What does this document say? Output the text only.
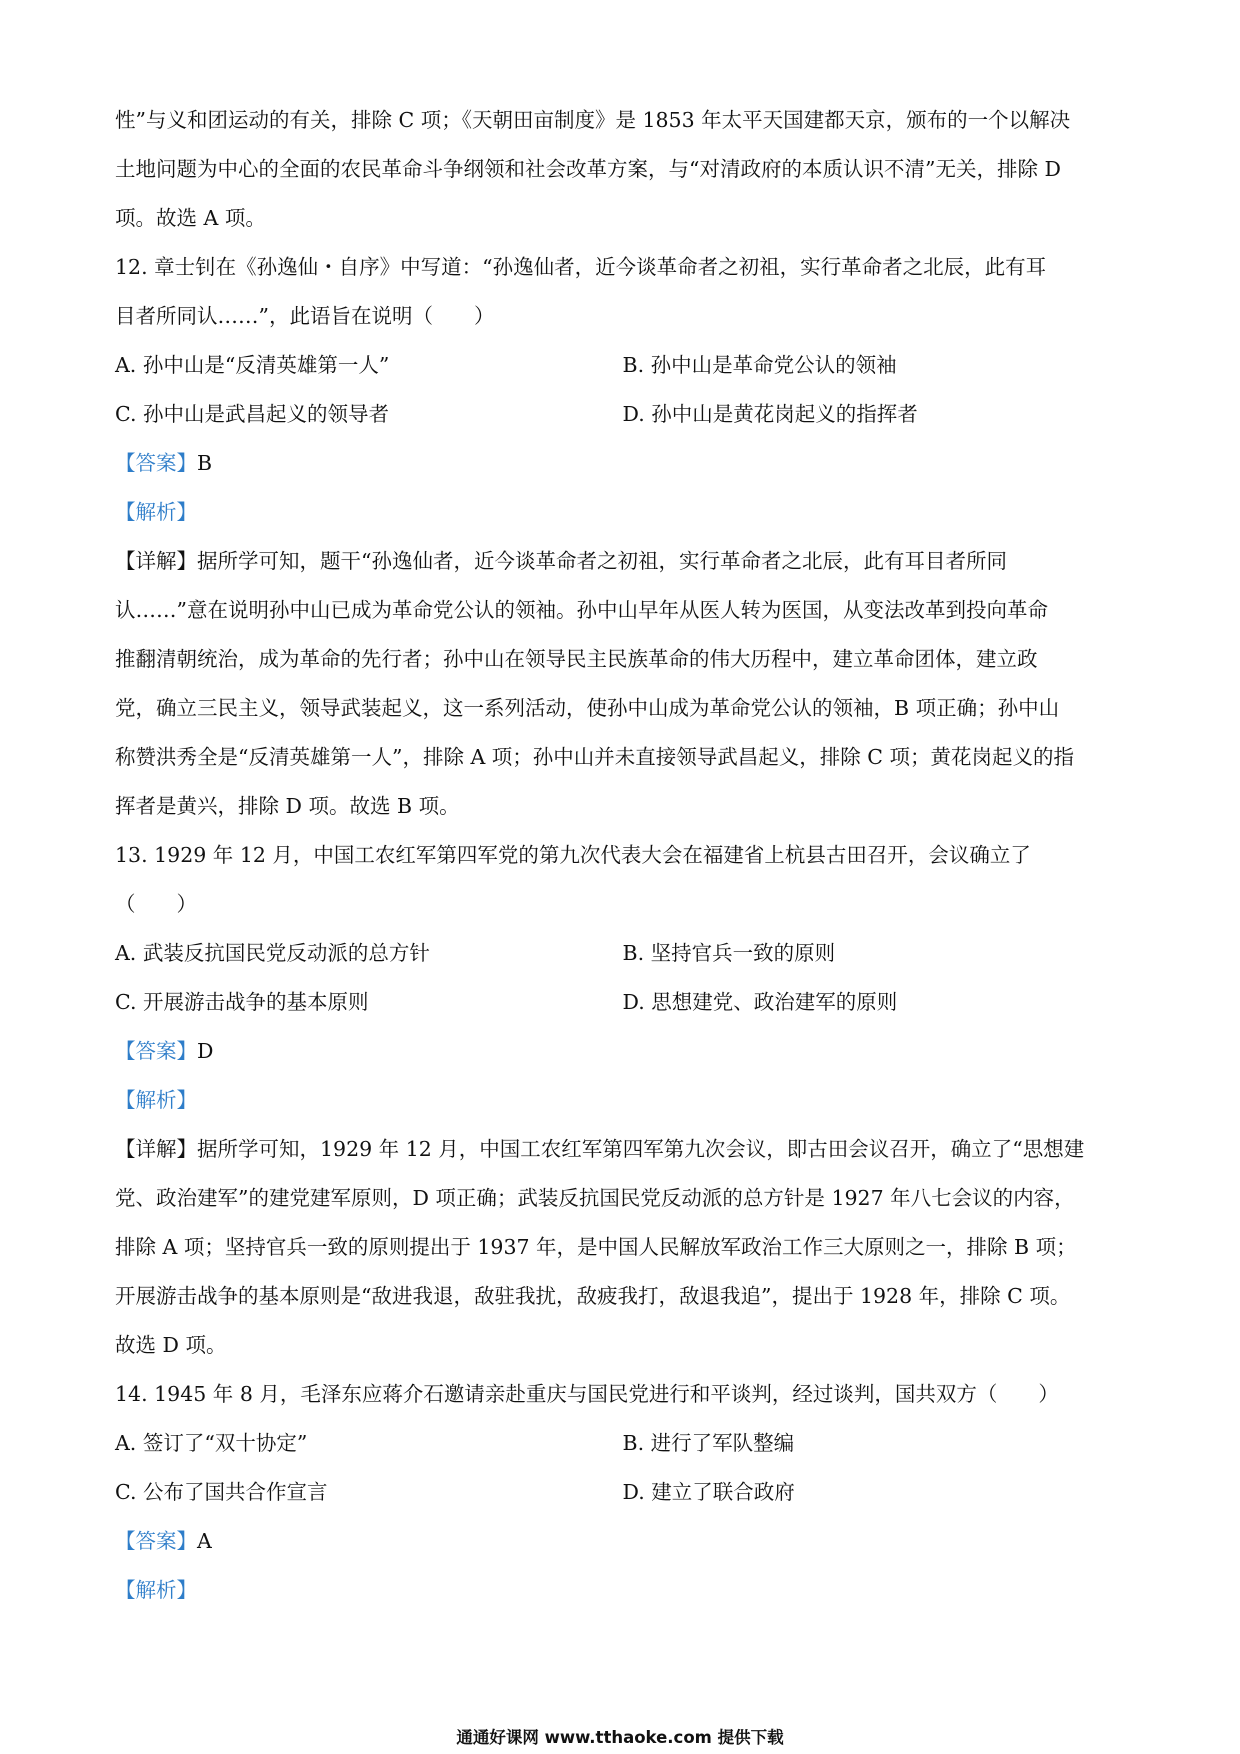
性”与义和团运动的有关，排除 C 项；《天朝田亩制度》是 1853 年太平天国建都天京，颁布的一个以解决
土地问题为中心的全面的农民革命斗争纲领和社会改革方案，与“对清政府的本质认识不清”无关，排除 D
项。故选 A 项。
12. 章士钊在《孙逸仙・自序》中写道：“孙逸仙者，近今谈革命者之初祖，实行革命者之北辰，此有耳
目者所同认……”，此语旨在说明（　　）
A. 孙中山是“反清英雄第一人”	B. 孙中山是革命党公认的领袖
C. 孙中山是武昌起义的领导者	D. 孙中山是黄花岗起义的指挥者
【答案】B
【解析】
【详解】据所学可知，题干“孙逸仙者，近今谈革命者之初祖，实行革命者之北辰，此有耳目者所同
认……”意在说明孙中山已成为革命党公认的领袖。孙中山早年从医人转为医国，从变法改革到投向革命
推翻清朝统治，成为革命的先行者；孙中山在领导民主民族革命的伟大历程中，建立革命团体，建立政
党，确立三民主义，领导武装起义，这一系列活动，使孙中山成为革命党公认的领袖，B 项正确；孙中山
称赞洪秀全是“反清英雄第一人”，排除 A 项；孙中山并未直接领导武昌起义，排除 C 项；黄花岗起义的指
挥者是黄兴，排除 D 项。故选 B 项。
13. 1929 年 12 月，中国工农红军第四军党的第九次代表大会在福建省上杭县古田召开，会议确立了
（　　）
A. 武装反抗国民党反动派的总方针	B. 坚持官兵一致的原则
C. 开展游击战争的基本原则	D. 思想建党、政治建军的原则
【答案】D
【解析】
【详解】据所学可知，1929 年 12 月，中国工农红军第四军第九次会议，即古田会议召开，确立了“思想建
党、政治建军”的建党建军原则，D 项正确；武装反抗国民党反动派的总方针是 1927 年八七会议的内容，
排除 A 项；坚持官兵一致的原则提出于 1937 年，是中国人民解放军政治工作三大原则之一，排除 B 项；
开展游击战争的基本原则是“敌进我退，敌驻我扰，敌疲我打，敌退我追”，提出于 1928 年，排除 C 项。
故选 D 项。
14. 1945 年 8 月，毛泽东应蒋介石邀请亲赴重庆与国民党进行和平谈判，经过谈判，国共双方（　　）
A. 签订了“双十协定”	B. 进行了军队整编
C. 公布了国共合作宣言	D. 建立了联合政府
【答案】A
【解析】
通通好课网 www.tthaoke.com 提供下载
